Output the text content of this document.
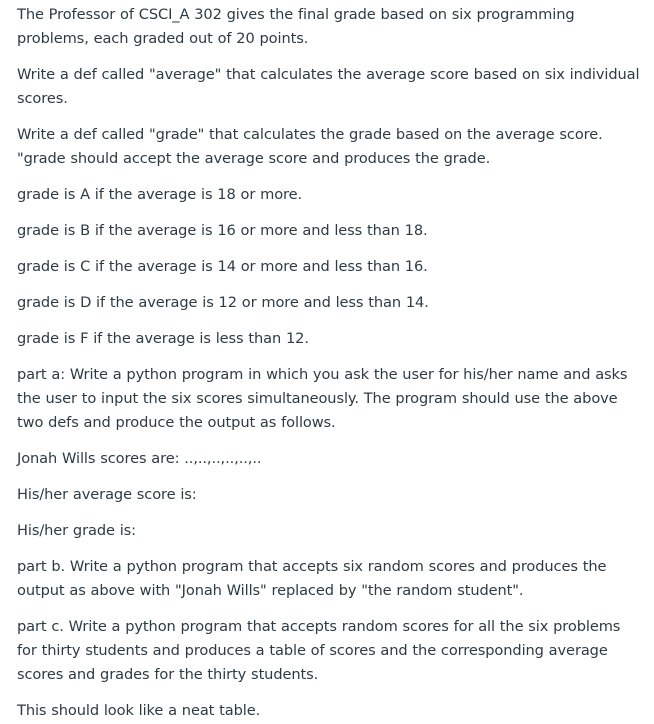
The Professor of CSCI_A 302 gives the final grade based on six programming problems, each graded out of 20 points.

Write a def called "average" that calculates the average score based on six individual scores.

Write a def called "grade" that calculates the grade based on the average score. "grade should accept the average score and produces the grade.

grade is A if the average is 18 or more.

grade is B if the average is 16 or more and less than 18.

grade is C if the average is 14 or more and less than 16.

grade is D if the average is 12 or more and less than 14.

grade is F if the average is less than 12.

part a: Write a python program in which you ask the user for his/her name and asks the user to input the six scores simultaneously. The program should use the above two defs and produce the output as follows.

Jonah Wills scores are: ..,..,..,..,..,..

His/her average score is:

His/her grade is:

part b. Write a python program that accepts six random scores and produces the output as above with "Jonah Wills" replaced by "the random student".

part c. Write a python program that accepts random scores for all the six problems for thirty students and produces a table of scores and the corresponding average scores and grades for the thirty students.

This should look like a neat table.
